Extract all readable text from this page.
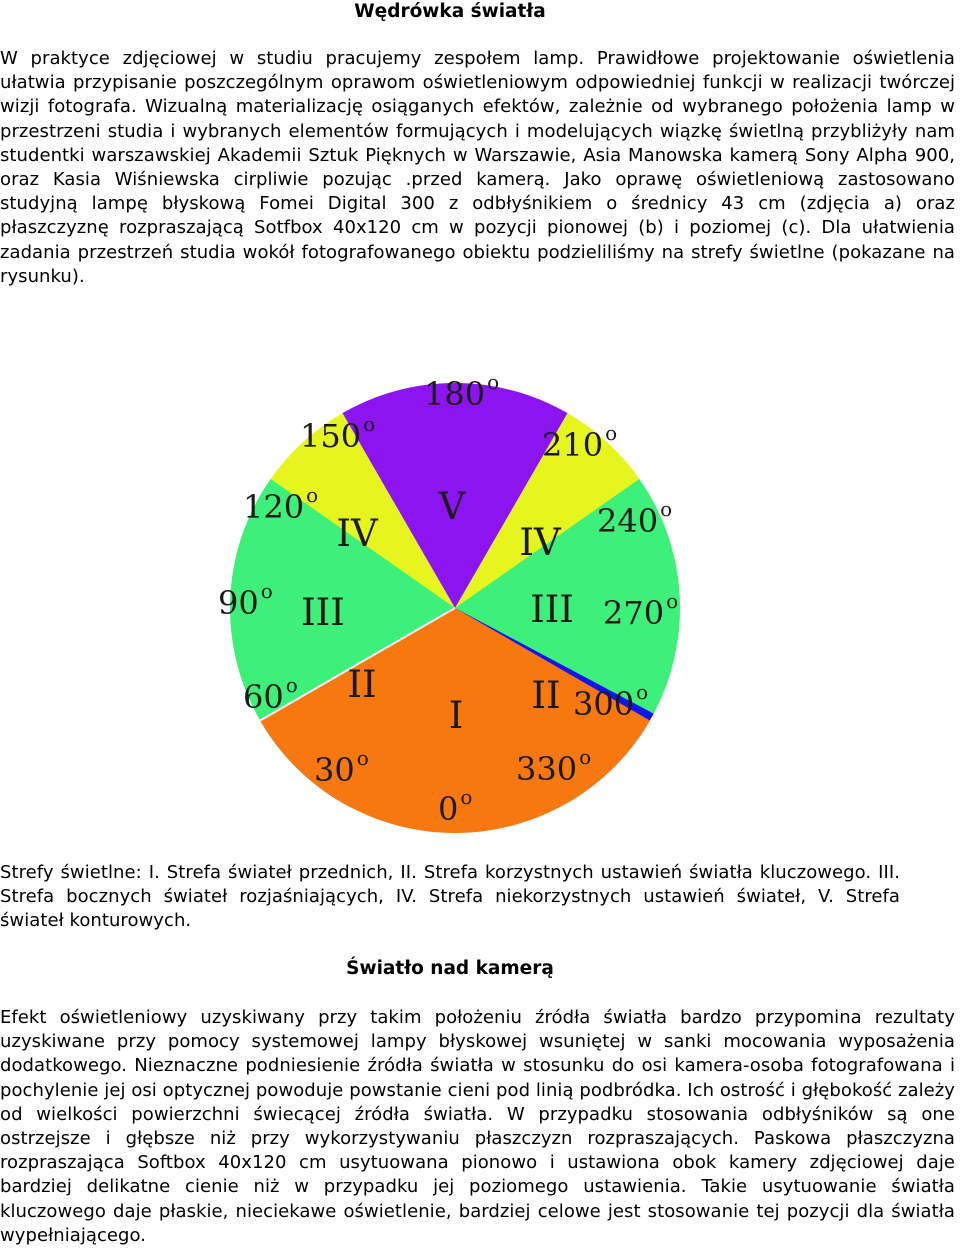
Wędrówka światła

W praktyce zdjęciowej w studiu pracujemy zespołem lamp. Prawidłowe projektowanie oświetlenia ułatwia przypisanie poszczególnym oprawom oświetleniowym odpowiedniej funkcji w realizacji twórczej wizji fotografa. Wizualną materializację osiąganych efektów, zależnie od wybranego położenia lamp w przestrzeni studia i wybranych elementów formujących i modelujących wiązkę świetlną przybliżyły nam studentki warszawskiej Akademii Sztuk Pięknych w Warszawie, Asia Manowska kamerą Sony Alpha 900, oraz Kasia Wiśniewska cirpliwie pozując .przed kamerą. Jako oprawę oświetleniową zastosowano studyjną lampę błyskową Fomei Digital 300 z odbłyśnikiem o średnicy 43 cm (zdjęcia a) oraz płaszczyznę rozpraszającą Sotfbox 40x120 cm w pozycji pionowej (b) i poziomej (c). Dla ułatwienia zadania przestrzeń studia wokół fotografowanego obiektu podzieliliśmy na strefy świetlne (pokazane na rysunku).

I
II	II
III	III
IV	IV
V
0 $^o$
30 $^o$
60 $^o$
90 $^o$
120 $^o$
150 $^o$
180 $^o$
210 $^o$
240 $^o$
270 $^o$
300 $^o$
330 $^o$

Strefy świetlne: I. Strefa świateł przednich, II. Strefa korzystnych ustawień światła kluczowego. III. Strefa bocznych świateł rozjaśniających, IV. Strefa niekorzystnych ustawień świateł, V. Strefa świateł konturowych.

Światło nad kamerą

Efekt oświetleniowy uzyskiwany przy takim położeniu źródła światła bardzo przypomina rezultaty uzyskiwane przy pomocy systemowej lampy błyskowej wsuniętej w sanki mocowania wyposażenia dodatkowego. Nieznaczne podniesienie źródła światła w stosunku do osi kamera-osoba fotografowana i pochylenie jej osi optycznej powoduje powstanie cieni pod linią podbródka. Ich ostrość i głębokość zależy od wielkości powierzchni świecącej źródła światła. W przypadku stosowania odbłyśników są one ostrzejsze i głębsze niż przy wykorzystywaniu płaszczyzn rozpraszających. Paskowa płaszczyzna rozpraszająca Softbox 40x120 cm usytuowana pionowo i ustawiona obok kamery zdjęciowej daje bardziej delikatne cienie niż w przypadku jej poziomego ustawienia. Takie usytuowanie światła kluczowego daje płaskie, nieciekawe oświetlenie, bardziej celowe jest stosowanie tej pozycji dla światła wypełniającego.
